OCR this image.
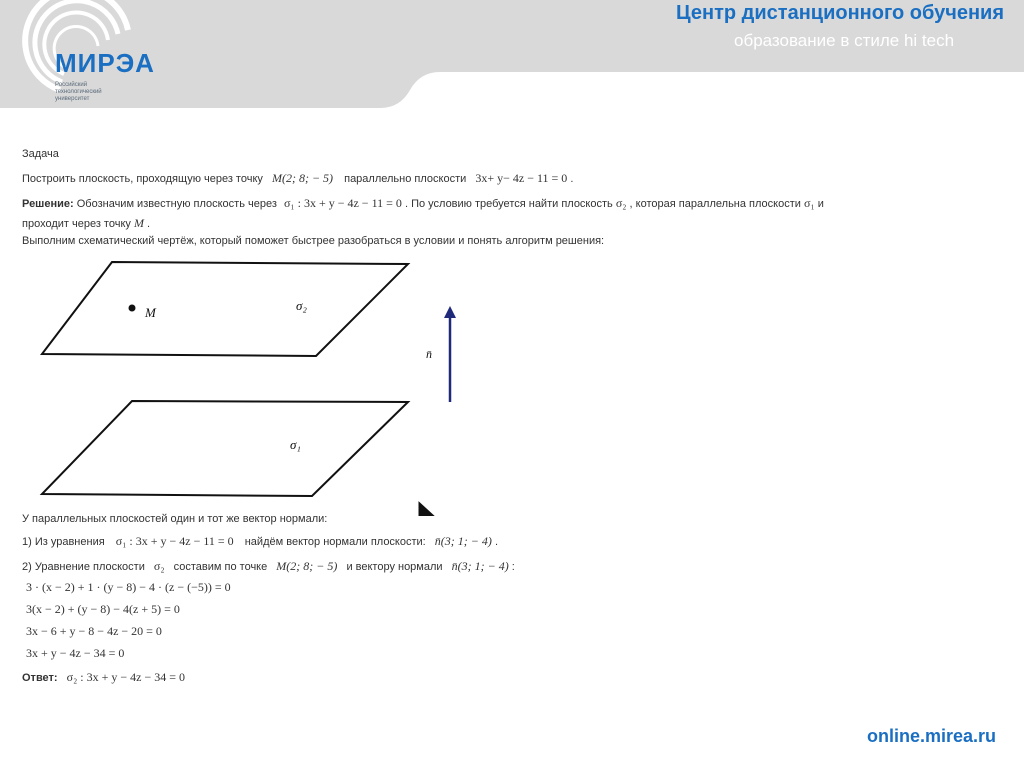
МИРЭА
Российский
технологический
университет
Центр дистанционного обучения
образование в стиле hi tech
Задача
Построить плоскость, проходящую через точку M(2; 8; − 5) параллельно плоскости 3x+ y− 4z − 11 = 0 .
Решение: Обозначим известную плоскость через σ₁ : 3x + y − 4z − 11 = 0 . По условию требуется найти плоскость σ₂ , которая параллельна плоскости σ₁ и
проходит через точку M .
Выполним схематический чертёж, который поможет быстрее разобраться в условии и понять алгоритм решения:
M	σ₂
σ₁
n̄
У параллельных плоскостей один и тот же вектор нормали:
1) Из уравнения σ₁ : 3x + y − 4z − 11 = 0 найдём вектор нормали плоскости: n̄(3; 1; − 4) .
2) Уравнение плоскости σ₂ составим по точке M(2; 8; − 5) и вектору нормали n̄(3; 1; − 4) :
3 · (x − 2) + 1 · (y − 8) − 4 · (z − (−5)) = 0
3(x − 2) + (y − 8) − 4(z + 5) = 0
3x − 6 + y − 8 − 4z − 20 = 0
3x + y − 4z − 34 = 0
Ответ: σ₂ : 3x + y − 4z − 34 = 0
online.mirea.ru
